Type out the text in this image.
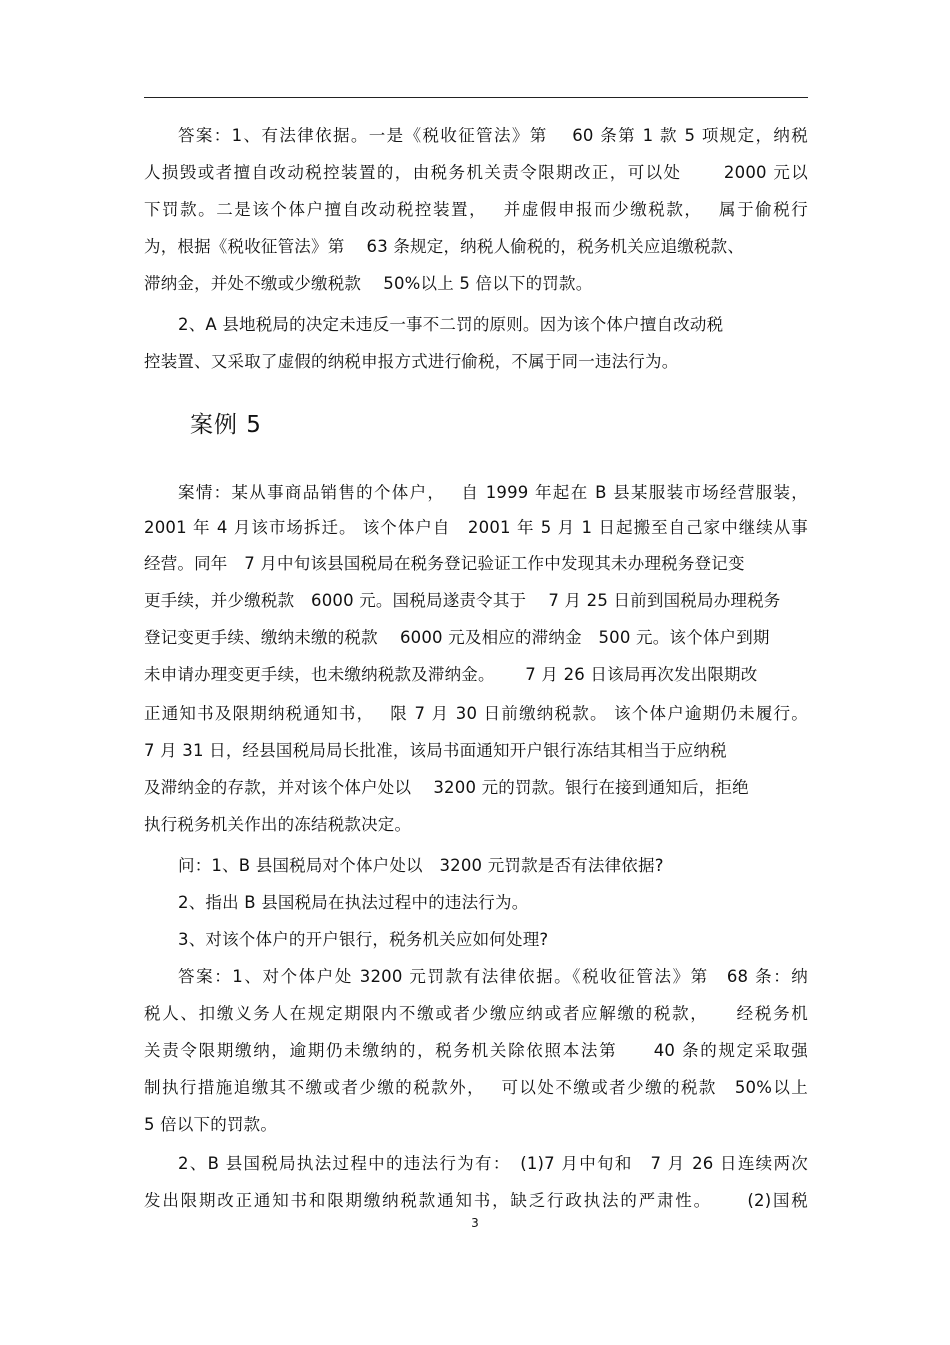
答案：1、有法律依据。一是《税收征管法》第　 60 条第 1 款 5 项规定，纳税
人损毁或者擅自改动税控装置的，由税务机关责令限期改正，可以处　 　2000 元以
下罚款。二是该个体户擅自改动税控装置，　 并虚假申报而少缴税款，　 属于偷税行
为，根据《税收征管法》第　 63 条规定，纳税人偷税的，税务机关应追缴税款、
滞纳金，并处不缴或少缴税款　 50%以上 5 倍以下的罚款。
2、A 县地税局的决定未违反一事不二罚的原则。因为该个体户擅自改动税
控装置、又采取了虚假的纳税申报方式进行偷税，不属于同一违法行为。
案例 5
案情：某从事商品销售的个体户，　 自 1999 年起在 B 县某服装市场经营服装，
2001 年 4 月该市场拆迁。 该个体户自　2001 年 5 月 1 日起搬至自己家中继续从事
经营。同年　7 月中旬该县国税局在税务登记验证工作中发现其未办理税务登记变
更手续，并少缴税款　6000 元。国税局遂责令其于　 7 月 25 日前到国税局办理税务
登记变更手续、缴纳未缴的税款　 6000 元及相应的滞纳金　500 元。该个体户到期
未申请办理变更手续，也未缴纳税款及滞纳金。　 　7 月 26 日该局再次发出限期改
正通知书及限期纳税通知书，　 限 7 月 30 日前缴纳税款。 该个体户逾期仍未履行。
7 月 31 日，经县国税局局长批准，该局书面通知开户银行冻结其相当于应纳税
及滞纳金的存款，并对该个体户处以　 3200 元的罚款。银行在接到通知后，拒绝
执行税务机关作出的冻结税款决定。
问：1、B 县国税局对个体户处以　3200 元罚款是否有法律依据?
2、指出 B 县国税局在执法过程中的违法行为。
3、对该个体户的开户银行，税务机关应如何处理?
答案：1、对个体户处 3200 元罚款有法律依据。《税收征管法》第　68 条：纳
税人、扣缴义务人在规定期限内不缴或者少缴应纳或者应解缴的税款，　　经税务机
关责令限期缴纳，逾期仍未缴纳的，税务机关除依照本法第　　40 条的规定采取强
制执行措施追缴其不缴或者少缴的税款外，　 可以处不缴或者少缴的税款　50%以上
5 倍以下的罚款。
2、B 县国税局执法过程中的违法行为有：　(1)7 月中旬和　7 月 26 日连续两次
发出限期改正通知书和限期缴纳税款通知书，缺乏行政执法的严肃性。　 　(2)国税
3
